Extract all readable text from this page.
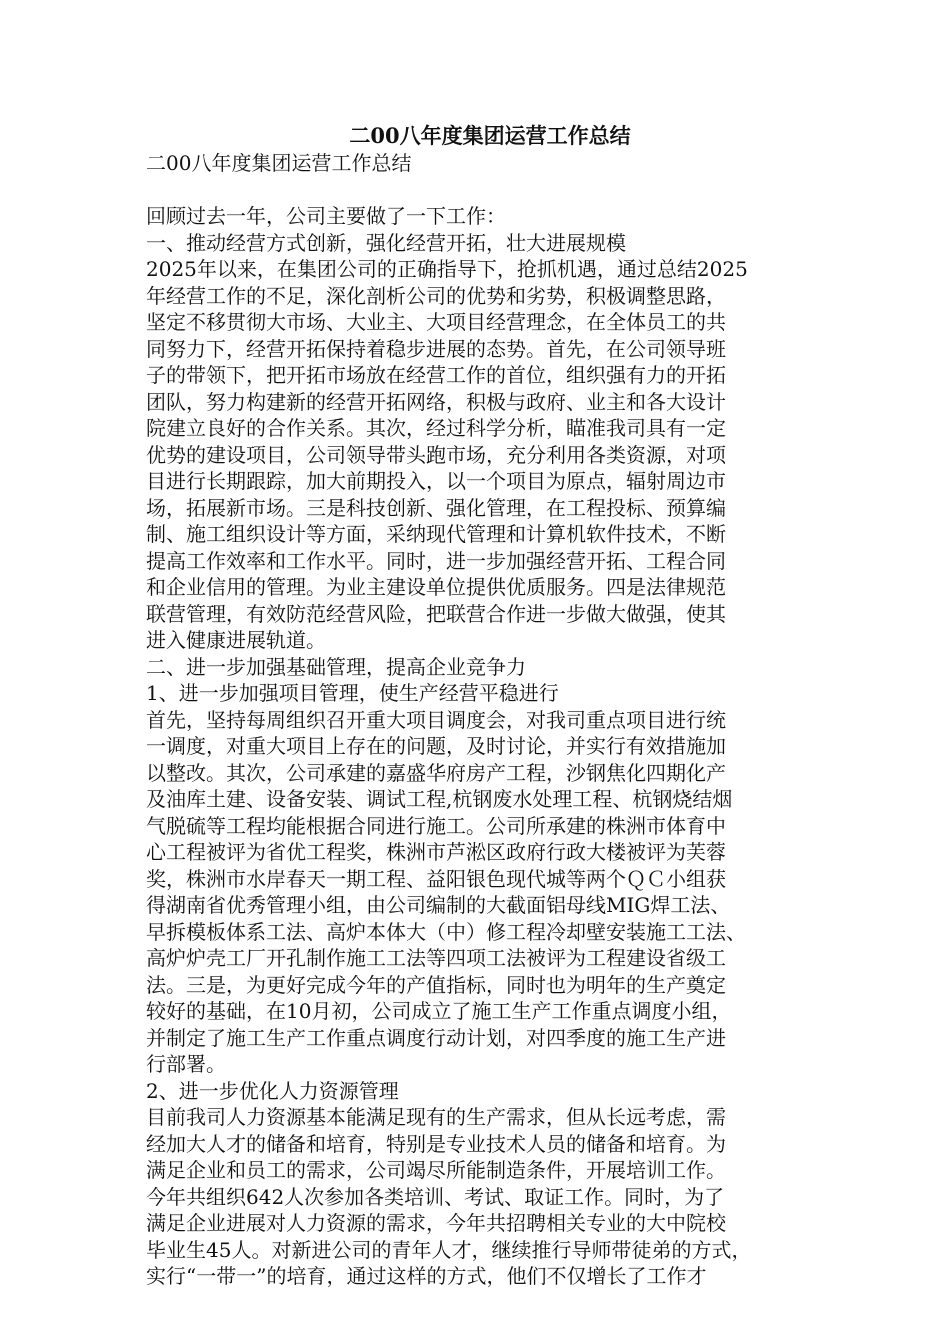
二00八年度集团运营工作总结
二00八年度集团运营工作总结
回顾过去一年，公司主要做了一下工作：
一、推动经营方式创新，强化经营开拓，壮大进展规模
2025年以来，在集团公司的正确指导下，抢抓机遇，通过总结2025
年经营工作的不足，深化剖析公司的优势和劣势，积极调整思路，
坚定不移贯彻大市场、大业主、大项目经营理念，在全体员工的共
同努力下，经营开拓保持着稳步进展的态势。首先，在公司领导班
子的带领下，把开拓市场放在经营工作的首位，组织强有力的开拓
团队，努力构建新的经营开拓网络，积极与政府、业主和各大设计
院建立良好的合作关系。其次，经过科学分析，瞄准我司具有一定
优势的建设项目，公司领导带头跑市场，充分利用各类资源，对项
目进行长期跟踪，加大前期投入，以一个项目为原点，辐射周边市
场，拓展新市场。三是科技创新、强化管理，在工程投标、预算编
制、施工组织设计等方面，采纳现代管理和计算机软件技术，不断
提高工作效率和工作水平。同时，进一步加强经营开拓、工程合同
和企业信用的管理。为业主建设单位提供优质服务。四是法律规范
联营管理，有效防范经营风险，把联营合作进一步做大做强，使其
进入健康进展轨道。
二、进一步加强基础管理，提高企业竞争力
1、进一步加强项目管理，使生产经营平稳进行
首先，坚持每周组织召开重大项目调度会，对我司重点项目进行统
一调度，对重大项目上存在的问题，及时讨论，并实行有效措施加
以整改。其次，公司承建的嘉盛华府房产工程，沙钢焦化四期化产
及油库土建、设备安装、调试工程,杭钢废水处理工程、杭钢烧结烟
气脱硫等工程均能根据合同进行施工。公司所承建的株洲市体育中
心工程被评为省优工程奖，株洲市芦淞区政府行政大楼被评为芙蓉
奖，株洲市水岸春天一期工程、益阳银色现代城等两个ＱＣ小组获
得湖南省优秀管理小组，由公司编制的大截面铝母线MIG焊工法、
早拆模板体系工法、高炉本体大（中）修工程冷却壁安装施工工法、
高炉炉壳工厂开孔制作施工工法等四项工法被评为工程建设省级工
法。三是，为更好完成今年的产值指标，同时也为明年的生产奠定
较好的基础，在10月初，公司成立了施工生产工作重点调度小组，
并制定了施工生产工作重点调度行动计划，对四季度的施工生产进
行部署。
2、进一步优化人力资源管理
目前我司人力资源基本能满足现有的生产需求，但从长远考虑，需
经加大人才的储备和培育，特别是专业技术人员的储备和培育。为
满足企业和员工的需求，公司竭尽所能制造条件，开展培训工作。
今年共组织642人次参加各类培训、考试、取证工作。同时，为了
满足企业进展对人力资源的需求，今年共招聘相关专业的大中院校
毕业生45人。对新进公司的青年人才，继续推行导师带徒弟的方式，
实行“一带一”的培育，通过这样的方式，他们不仅增长了工作才
